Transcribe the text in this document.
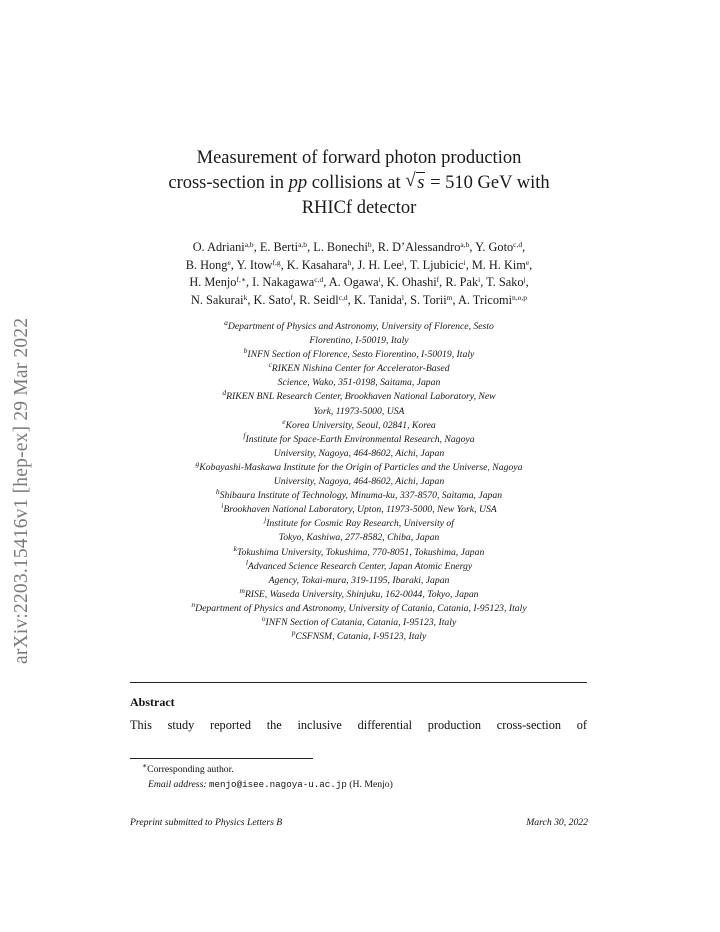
arXiv:2203.15416v1 [hep-ex] 29 Mar 2022
Measurement of forward photon production
cross-section in pp collisions at √ s = 510 GeV with
RHICf detector
O. Adriani$^{a,b}$, E. Berti$^{a,b}$, L. Bonechi$^b$, R. D’Alessandro$^{a,b}$, Y. Goto$^{c,d}$,
B. Hong$^e$, Y. Itow$^{f,g}$, K. Kasahara$^h$, J. H. Lee$^i$, T. Ljubicic$^i$, M. H. Kim$^e$,
H. Menjo$^{f,∗}$, I. Nakagawa$^{c,d}$, A. Ogawa$^i$, K. Ohashi$^f$, R. Pak$^i$, T. Sako$^j$,
N. Sakurai$^k$, K. Sato$^f$, R. Seidl$^{c,d}$, K. Tanida$^l$, S. Torii$^m$, A. Tricomi$^{n,o,p}$
$^a$Department of Physics and Astronomy, University of Florence, Sesto
Florentino, I-50019, Italy
$^b$INFN Section of Florence, Sesto Fiorentino, I-50019, Italy
$^c$RIKEN Nishina Center for Accelerator-Based
Science, Wako, 351-0198, Saitama, Japan
$^d$RIKEN BNL Research Center, Brookhaven National Laboratory, New
York, 11973-5000, USA
$^e$Korea University, Seoul, 02841, Korea
$^f$Institute for Space-Earth Environmental Research, Nagoya
University, Nagoya, 464-8602, Aichi, Japan
$^g$Kobayashi-Maskawa Institute for the Origin of Particles and the Universe, Nagoya
University, Nagoya, 464-8602, Aichi, Japan
$^h$Shibaura Institute of Technology, Minuma-ku, 337-8570, Saitama, Japan
$^i$Brookhaven National Laboratory, Upton, 11973-5000, New York, USA
$^j$Institute for Cosmic Ray Research, University of
Tokyo, Kashiwa, 277-8582, Chiba, Japan
$^k$Tokushima University, Tokushima, 770-8051, Tokushima, Japan
$^l$Advanced Science Research Center, Japan Atomic Energy
Agency, Tokai-mura, 319-1195, Ibaraki, Japan
$^m$RISE, Waseda University, Shinjuku, 162-0044, Tokyo, Japan
$^n$Department of Physics and Astronomy, University of Catania, Catania, I-95123, Italy
$^o$INFN Section of Catania, Catania, I-95123, Italy
$^p$CSFNSM, Catania, I-95123, Italy
Abstract
This study reported the inclusive differential production cross-section of
∗Corresponding author.
Email address: menjo@isee.nagoya-u.ac.jp (H. Menjo)
Preprint submitted to Physics Letters B	March 30, 2022
